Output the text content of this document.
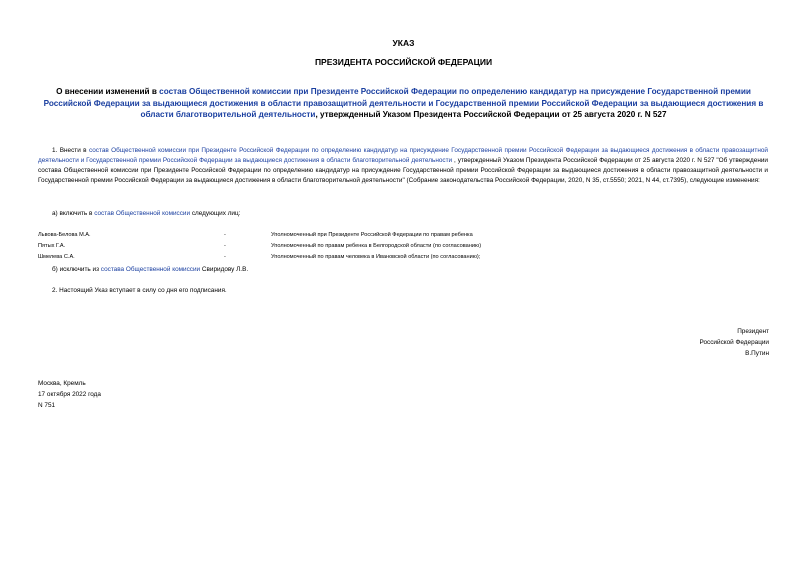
УКАЗ
ПРЕЗИДЕНТА РОССИЙСКОЙ ФЕДЕРАЦИИ
О внесении изменений в состав Общественной комиссии при Президенте Российской Федерации по определению кандидатур на присуждение Государственной премии Российской Федерации за выдающиеся достижения в области правозащитной деятельности и Государственной премии Российской Федерации за выдающиеся достижения в области благотворительной деятельности, утвержденный Указом Президента Российской Федерации от 25 августа 2020 г. N 527
1. Внести в состав Общественной комиссии при Президенте Российской Федерации по определению кандидатур на присуждение Государственной премии Российской Федерации за выдающиеся достижения в области правозащитной деятельности и Государственной премии Российской Федерации за выдающиеся достижения в области благотворительной деятельности , утвержденный Указом Президента Российской Федерации от 25 августа 2020 г. N 527 "Об утверждении состава Общественной комиссии при Президенте Российской Федерации по определению кандидатур на присуждение Государственной премии Российской Федерации за выдающиеся достижения в области правозащитной деятельности и Государственной премии Российской Федерации за выдающиеся достижения в области благотворительной деятельности" (Собрание законодательства Российской Федерации, 2020, N 35, ст.5550; 2021, N 44, ст.7395), следующие изменения:
а) включить в состав Общественной комиссии следующих лиц:
Львова-Белова М.А.	-	Уполномоченный при Президенте Российской Федерации по правам ребенка
Пятых Г.А.	-	Уполномоченный по правам ребенка в Белгородской области (по согласованию)
Шмелева С.А.	-	Уполномоченный по правам человека в Ивановской области (по согласованию);
б) исключить из состава Общественной комиссии Свиридову Л.В.
2. Настоящий Указ вступает в силу со дня его подписания.
Президент
Российской Федерации
В.Путин
Москва, Кремль
17 октября 2022 года
N 751
